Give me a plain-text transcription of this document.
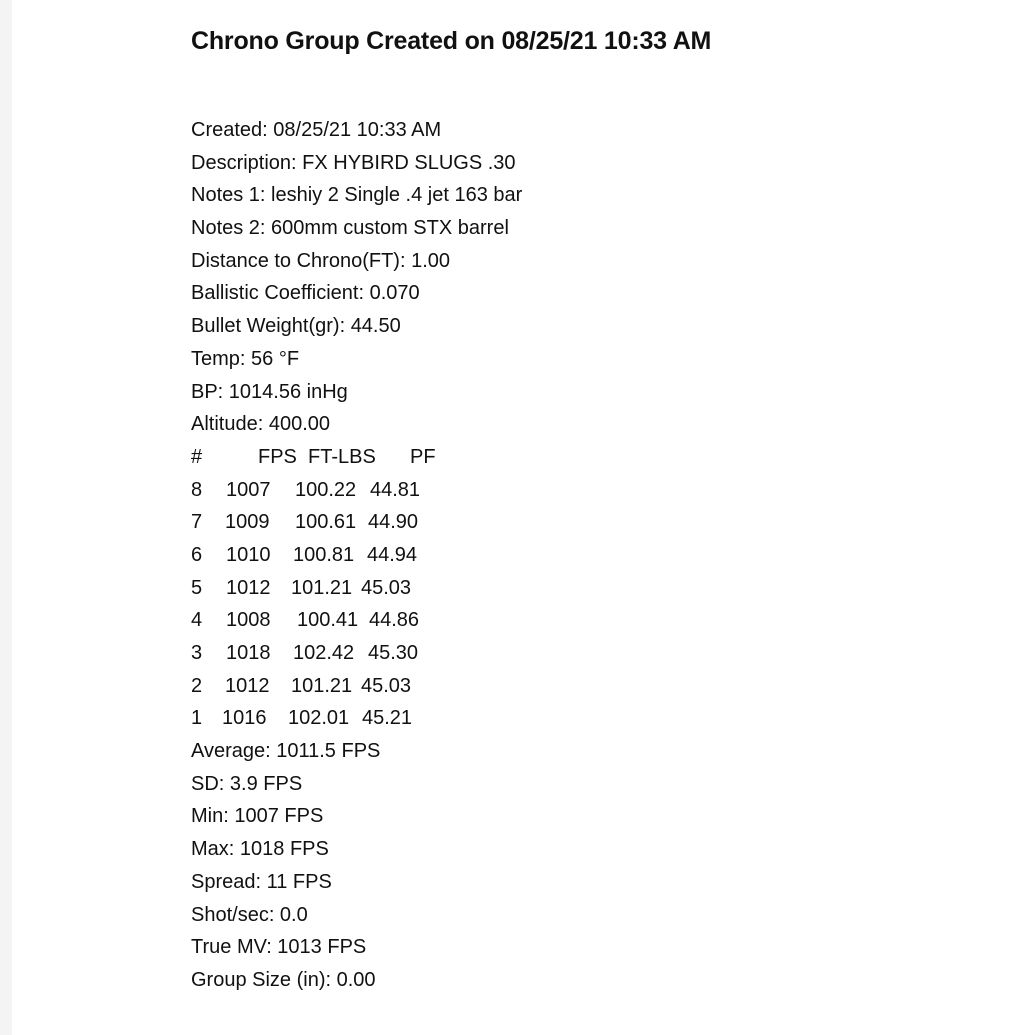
Chrono Group Created on 08/25/21 10:33 AM
Created: 08/25/21 10:33 AM
Description: FX HYBIRD SLUGS .30
Notes 1: leshiy 2 Single .4 jet 163 bar
Notes 2: 600mm custom STX barrel
Distance to Chrono(FT): 1.00
Ballistic Coefficient: 0.070
Bullet Weight(gr): 44.50
Temp: 56 °F
BP: 1014.56 inHg
Altitude: 400.00
#	FPS FT-LBS PF
8 1007 100.22 44.81
7 1009 100.61 44.90
6 1010 100.81 44.94
5 1012 101.21 45.03
4 1008 100.41 44.86
3 1018 102.42 45.30
2 1012 101.21 45.03
1 1016 102.01 45.21
Average: 1011.5 FPS
SD: 3.9 FPS
Min: 1007 FPS
Max: 1018 FPS
Spread: 11 FPS
Shot/sec: 0.0
True MV: 1013 FPS
Group Size (in): 0.00
